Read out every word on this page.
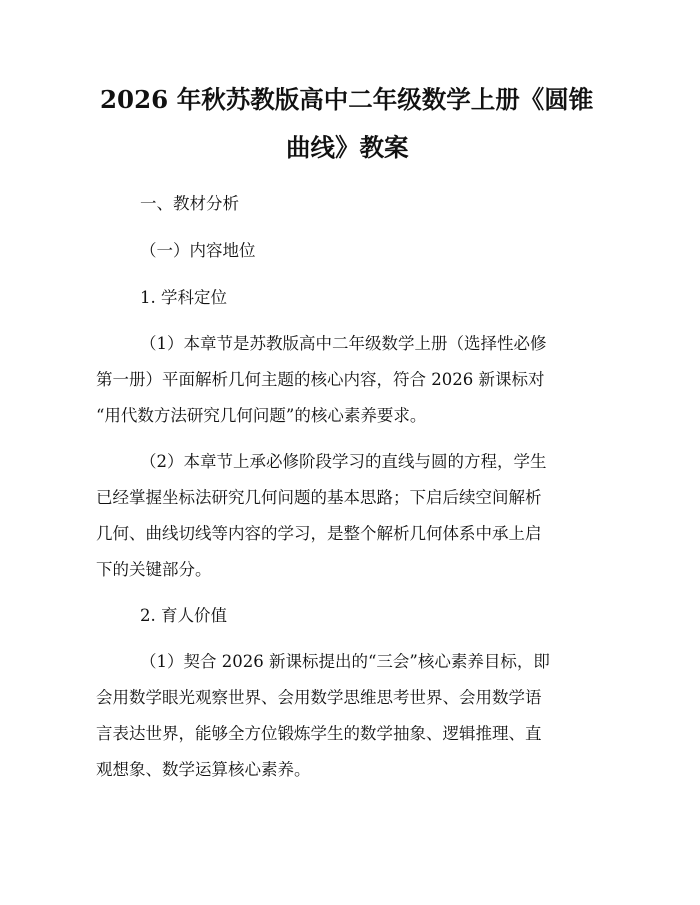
2026 年秋苏教版高中二年级数学上册《圆锥
曲线》教案

一、教材分析

（一）内容地位

1. 学科定位

（1）本章节是苏教版高中二年级数学上册（选择性必修

第一册）平面解析几何主题的核心内容，符合 2026 新课标对

“用代数方法研究几何问题”的核心素养要求。

（2）本章节上承必修阶段学习的直线与圆的方程，学生

已经掌握坐标法研究几何问题的基本思路；下启后续空间解析

几何、曲线切线等内容的学习，是整个解析几何体系中承上启

下的关键部分。

2. 育人价值

（1）契合 2026 新课标提出的“三会”核心素养目标，即

会用数学眼光观察世界、会用数学思维思考世界、会用数学语

言表达世界，能够全方位锻炼学生的数学抽象、逻辑推理、直

观想象、数学运算核心素养。
